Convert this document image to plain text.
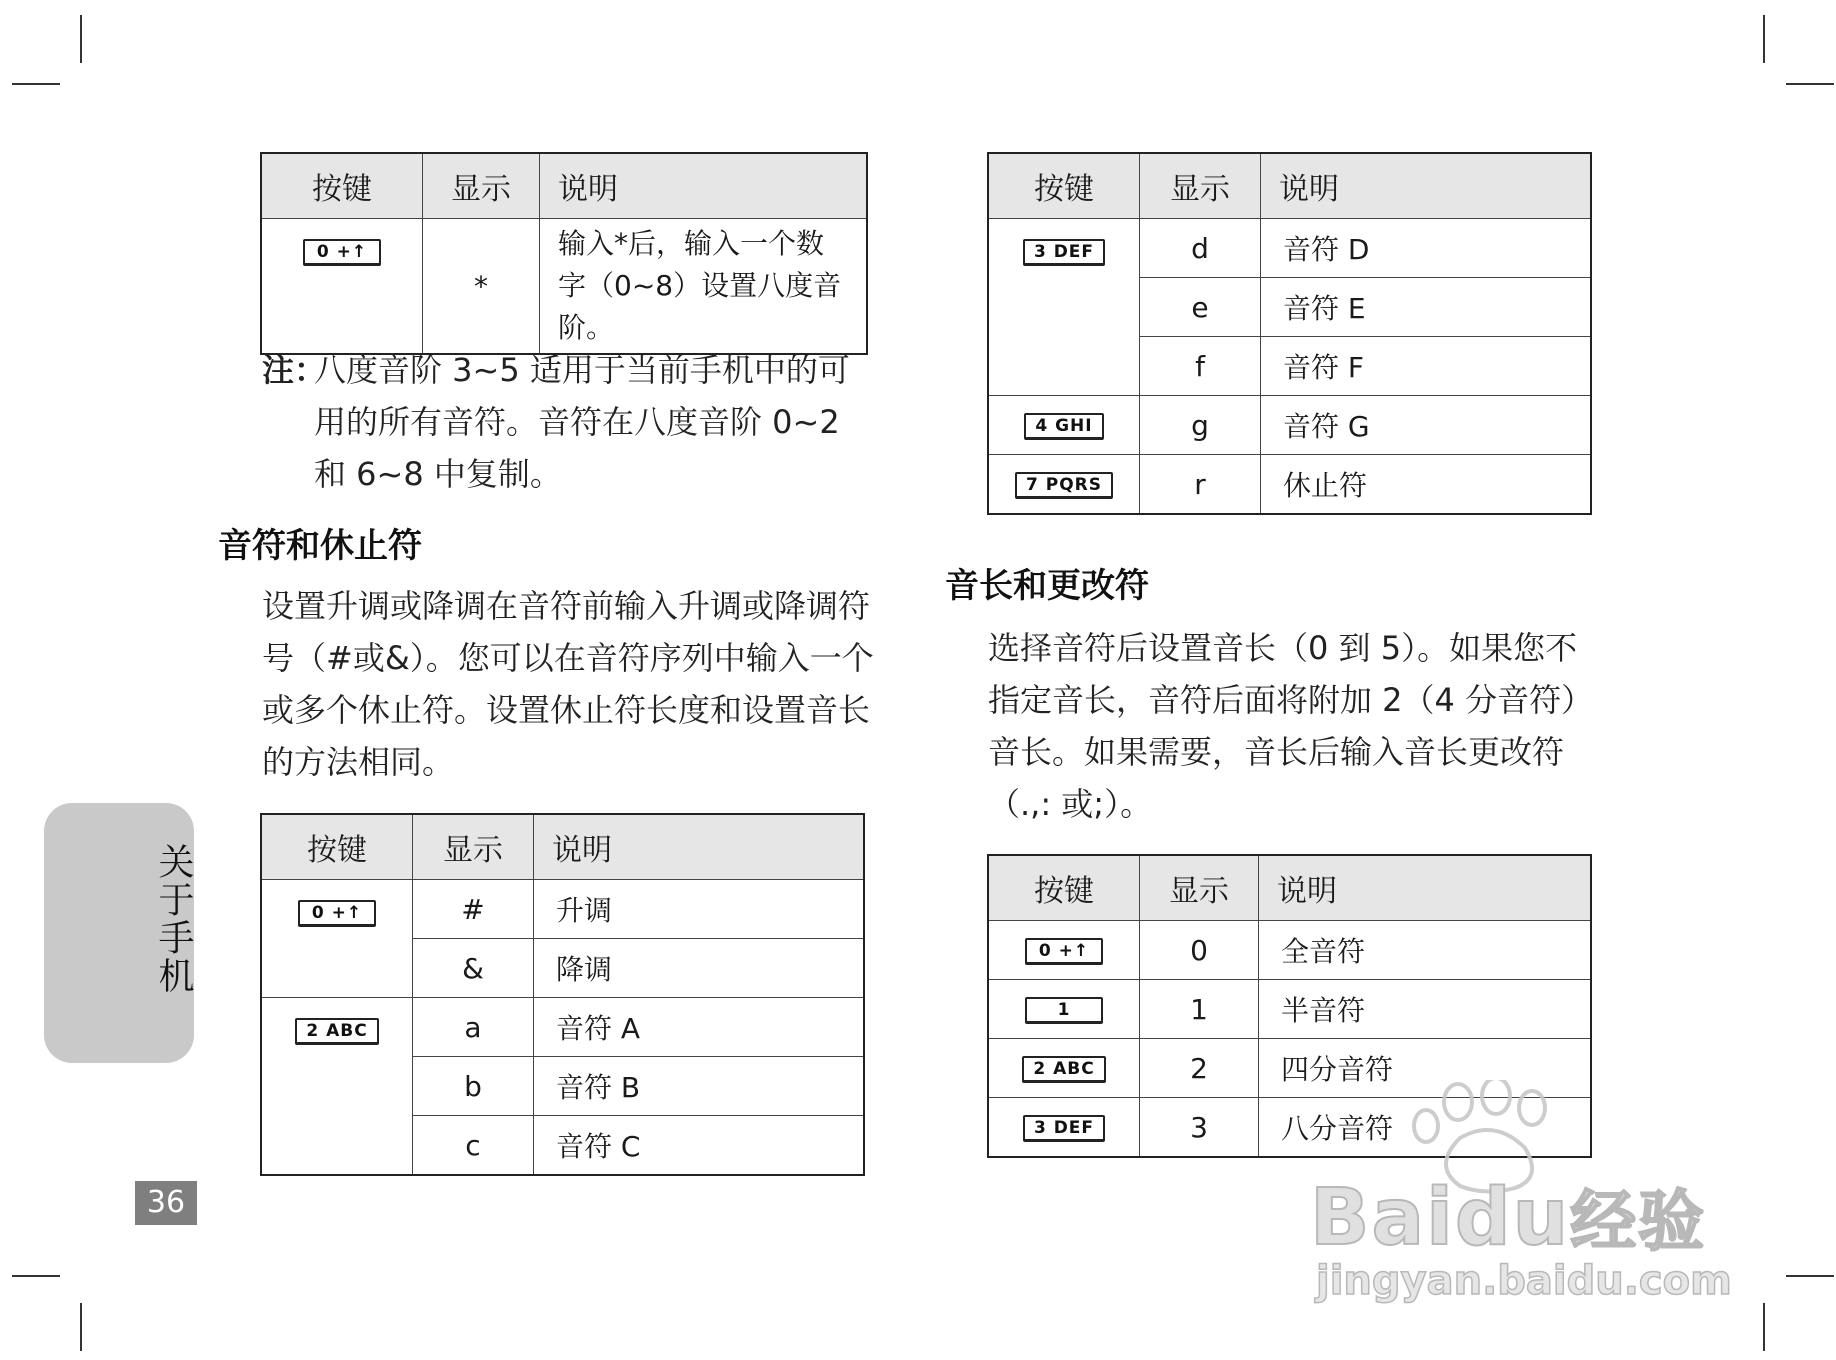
按键	显示	说明
0 +↑	*	输入*后，输入一个数字（0~8）设置八度音阶。
注：
八度音阶 3~5 适用于当前手机中的可用的所有音符。音符在八度音阶 0~2 和 6~8 中复制。
音符和休止符
设置升调或降调在音符前输入升调或降调符号（#或&）。您可以在音符序列中输入一个或多个休止符。设置休止符长度和设置音长的方法相同。
按键	显示	说明
0 +↑	#	升调
	&	降调
2 ABC	a	音符 A
	b	音符 B
	c	音符 C
按键	显示	说明
3 DEF	d	音符 D
	e	音符 E
	f	音符 F
4 GHI	g	音符 G
7 PQRS	r	休止符
音长和更改符
选择音符后设置音长（0 到 5）。如果您不指定音长，音符后面将附加 2（4 分音符）音长。如果需要，音长后输入音长更改符（.,: 或;）。
按键	显示	说明
0 +↑	0	全音符
1	1	半音符
2 ABC	2	四分音符
3 DEF	3	八分音符
关于手机
36	Baidu经验
jingyan.baidu.com
